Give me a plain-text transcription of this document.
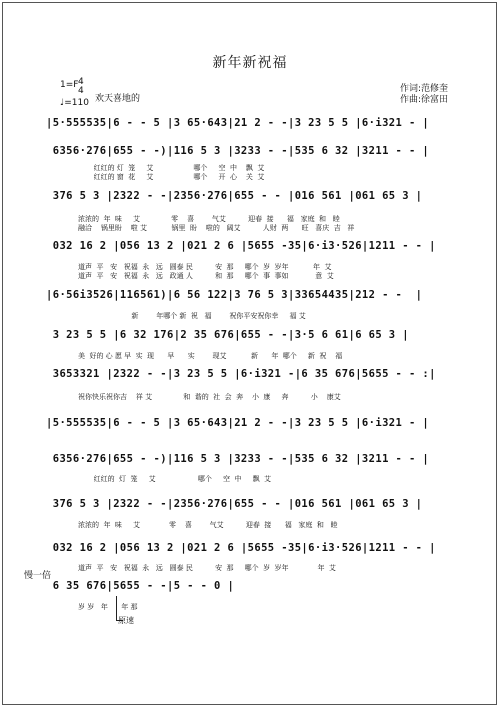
新年新祝福
作词:范修奎
作曲:徐富田
1=F 4
4
♩=110 欢天喜地的
|5·555535|6 - - 5 |3 65·643|21 2 - -|3 23 5 5 |6·i321 - |
6356·276|655 - -)|116 5 3 |3233 - -|535 6 32 |3211 - - |
红红的 灯  笼     艾                  哪个     空  中    飘  艾
红红的 窗  花     艾                  哪个     开  心    关  艾
376 5 3 |2322 - -|2356·276|655 - - |016 561 |061 65 3 |
浓浓的  年  味     艾              零    喜        气艾          迎春  接      福   家庭  和   睦
融洽    锅里盼    啦 艾           锅里  盼    啦的   阔艾          人财  两      旺   喜庆  吉   祥
032 16 2 |056 13 2 |021 2 6 |5655 -35|6·i3·526|1211 - - |
道声  平   安   祝福  永   远   圆泰 民          安  那     哪个  岁  岁年           年  艾
道声  平   安   祝福  永   远   政通 人          和  那     哪个  事  事如            意  艾
|6·56i3526|116561)|6 56 122|3 76 5 3|33654435|212 - -  |
新        年哪个 新  祝   福        祝你平安祝你幸     福 艾
3 23 5 5 |6 32 176|2 35 676|655 - -|3·5 6 61|6 65 3 |
美  好的 心 愿 早  实  现      早      实        现艾           新      年  哪个     新  祝    福
3653321 |2322 - -|3 23 5 5 |6·i321 -|6 35 676|5655 - - :|
祝你快乐祝你吉    祥 艾              和  谐的  社  会  奔    小  康     奔          小    康艾
|5·555535|6 - - 5 |3 65·643|21 2 - -|3 23 5 5 |6·i321 - |
6356·276|655 - -)|116 5 3 |3233 - -|535 6 32 |3211 - - |
红红的  灯  笼     艾                   哪个     空  中     飘  艾
376 5 3 |2322 - -|2356·276|655 - - |016 561 |061 65 3 |
浓浓的  年  味     艾             零    喜        气艾          迎春  接      福   家庭  和   睦
032 16 2 |056 13 2 |021 2 6 |5655 -35|6·i3·526|1211 - - |
道声  平   安   祝福  永   远   圆泰 民          安  那     哪个  岁  岁年             年  艾
6 35 676|5655 - -|5 - - 0 |
岁 岁   年      年 那
慢一倍
原速
